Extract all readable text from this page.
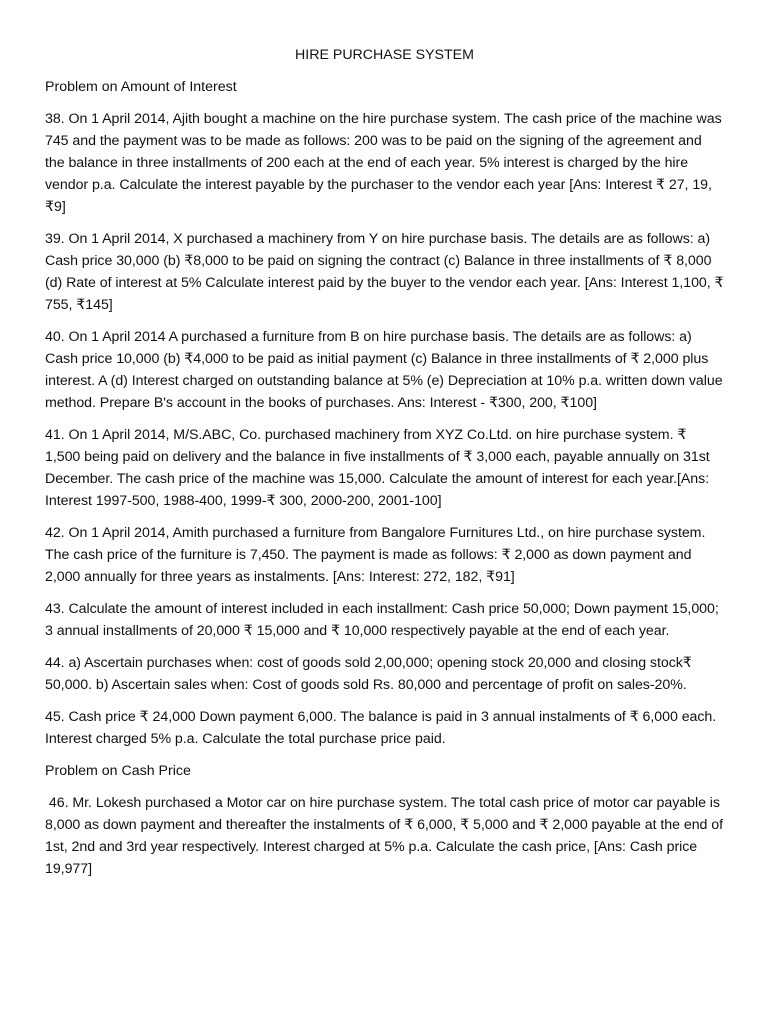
HIRE PURCHASE SYSTEM
Problem on Amount of Interest

38. On 1 April 2014, Ajith bought a machine on the hire purchase system. The cash price of the machine was 745 and the payment was to be made as follows: 200 was to be paid on the signing of the agreement and the balance in three installments of 200 each at the end of each year. 5% interest is charged by the hire vendor p.a. Calculate the interest payable by the purchaser to the vendor each year [Ans: Interest ₹ 27, 19, ₹9]

39. On 1 April 2014, X purchased a machinery from Y on hire purchase basis. The details are as follows: a) Cash price 30,000 (b) ₹8,000 to be paid on signing the contract (c) Balance in three installments of ₹ 8,000 (d) Rate of interest at 5% Calculate interest paid by the buyer to the vendor each year. [Ans: Interest 1,100, ₹ 755, ₹145]

40. On 1 April 2014 A purchased a furniture from B on hire purchase basis. The details are as follows: a) Cash price 10,000 (b) ₹4,000 to be paid as initial payment (c) Balance in three installments of ₹ 2,000 plus interest. A (d) Interest charged on outstanding balance at 5% (e) Depreciation at 10% p.a. written down value method. Prepare B's account in the books of purchases. Ans: Interest - ₹300, 200, ₹100]

41. On 1 April 2014, M/S.ABC, Co. purchased machinery from XYZ Co.Ltd. on hire purchase system. ₹ 1,500 being paid on delivery and the balance in five installments of ₹ 3,000 each, payable annually on 31st December. The cash price of the machine was 15,000. Calculate the amount of interest for each year.[Ans: Interest 1997-500, 1988-400, 1999-₹ 300, 2000-200, 2001-100]

42. On 1 April 2014, Amith purchased a furniture from Bangalore Furnitures Ltd., on hire purchase system. The cash price of the furniture is 7,450. The payment is made as follows: ₹ 2,000 as down payment and 2,000 annually for three years as instalments. [Ans: Interest: 272, 182, ₹91]

43. Calculate the amount of interest included in each installment: Cash price 50,000; Down payment 15,000; 3 annual installments of 20,000 ₹ 15,000 and ₹ 10,000 respectively payable at the end of each year.

44. a) Ascertain purchases when: cost of goods sold 2,00,000; opening stock 20,000 and closing stock₹ 50,000. b) Ascertain sales when: Cost of goods sold Rs. 80,000 and percentage of profit on sales-20%.

45. Cash price ₹ 24,000 Down payment 6,000. The balance is paid in 3 annual instalments of ₹ 6,000 each. Interest charged 5% p.a. Calculate the total purchase price paid.

Problem on Cash Price

46. Mr. Lokesh purchased a Motor car on hire purchase system. The total cash price of motor car payable is 8,000 as down payment and thereafter the instalments of ₹ 6,000, ₹ 5,000 and ₹ 2,000 payable at the end of 1st, 2nd and 3rd year respectively. Interest charged at 5% p.a. Calculate the cash price, [Ans: Cash price 19,977]
